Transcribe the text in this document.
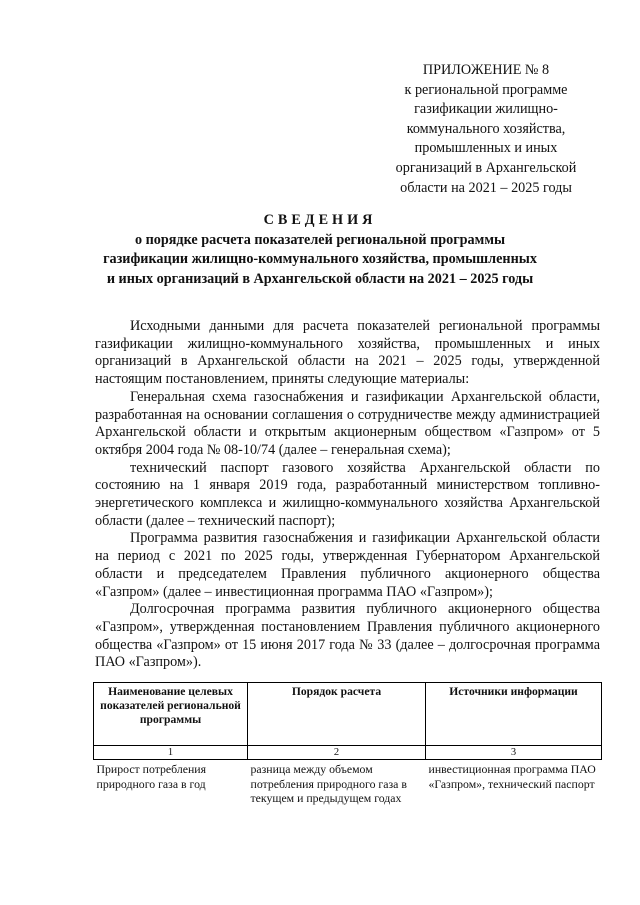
ПРИЛОЖЕНИЕ № 8
к региональной программе
газификации жилищно-
коммунального хозяйства,
промышленных и иных
организаций в Архангельской
области на 2021 – 2025 годы
СВЕДЕНИЯ
о порядке расчета показателей региональной программы
газификации жилищно-коммунального хозяйства, промышленных
и иных организаций в Архангельской области на 2021 – 2025 годы

Исходными данными для расчета показателей региональной программы газификации жилищно-коммунального хозяйства, промышленных и иных организаций в Архангельской области на 2021 – 2025 годы, утвержденной настоящим постановлением, приняты следующие материалы:

Генеральная схема газоснабжения и газификации Архангельской области, разработанная на основании соглашения о сотрудничестве между администрацией Архангельской области и открытым акционерным обществом «Газпром» от 5 октября 2004 года № 08-10/74 (далее – генеральная схема);

технический паспорт газового хозяйства Архангельской области по состоянию на 1 января 2019 года, разработанный министерством топливно-энергетического комплекса и жилищно-коммунального хозяйства Архангельской области (далее – технический паспорт);

Программа развития газоснабжения и газификации Архангельской области на период с 2021 по 2025 годы, утвержденная Губернатором Архангельской области и председателем Правления публичного акционерного общества «Газпром» (далее – инвестиционная программа ПАО «Газпром»);

Долгосрочная программа развития публичного акционерного общества «Газпром», утвержденная постановлением Правления публичного акционерного общества «Газпром» от 15 июня 2017 года № 33 (далее – долгосрочная программа ПАО «Газпром»).

Наименование целевых показателей региональной программы	Порядок расчета	Источники информации
1	2	3
Прирост потребления природного газа в год	разница между объемом потребления природного газа в текущем и предыдущем годах	инвестиционная программа ПАО «Газпром», технический паспорт
